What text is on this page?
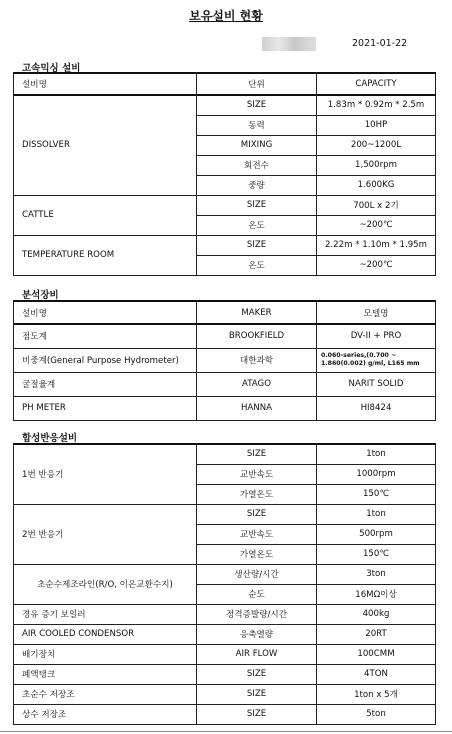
보유설비 현황
2021-01-22
고속믹싱 설비
설비명	단위	CAPACITY
DISSOLVER	SIZE	1.83m * 0.92m * 2.5m
	동력	10HP
	MIXING	200~1200L
	회전수	1,500rpm
	중량	1.600KG
CATTLE	SIZE	700L x 2기
	온도	~200℃
TEMPERATURE ROOM	SIZE	2.22m * 1.10m * 1.95m
	온도	~200℃
분석장비
설비명	MAKER	모델명
점도계	BROOKFIELD	DV-II + PRO
비중계(General Purpose Hydrometer)	대한과학	0.060-series,(0.700 ~ 1.860(0.002) g/ml, L165 mm
굴절율계	ATAGO	NARIT SOLID
PH METER	HANNA	HI8424
합성반응설비
1번 반응기	SIZE	1ton
	교반속도	1000rpm
	가열온도	150℃
2번 반응기	SIZE	1ton
	교반속도	500rpm
	가열온도	150℃
초순수제조라인(R/O, 이온교환수지)	생산량/시간	3ton
	순도	16MΩ이상
경유 증기 보일러	정격증발량/시간	400kg
AIR COOLED CONDENSOR	응축열량	20RT
배기장치	AIR FLOW	100CMM
폐액탱크	SIZE	4TON
초순수 저장조	SIZE	1ton x 5개
상수 저장조	SIZE	5ton
